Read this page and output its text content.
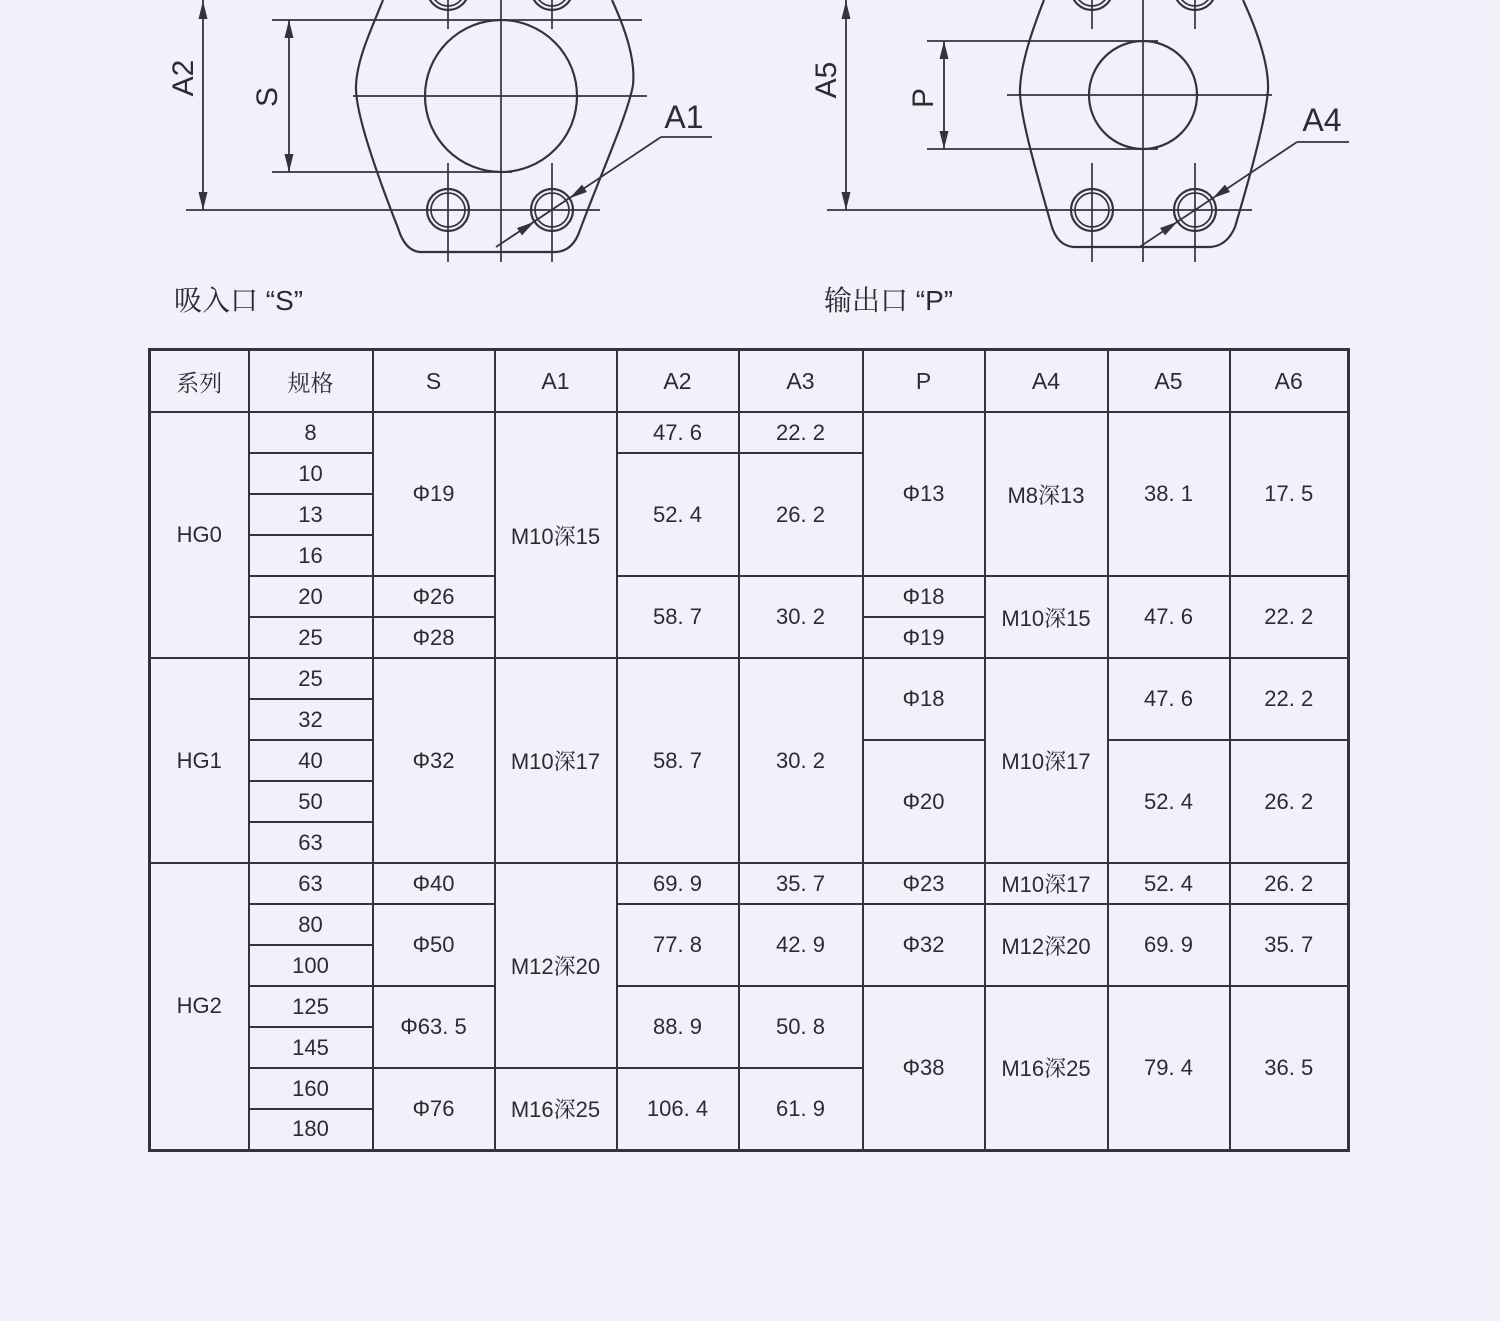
S
A2
A1
P
A5
A4
吸入口 “S”	输出口 “P”
系列	规格	S	A1	A2	A3	P	A4	A5	A6
HG0	8	Φ19	M10深15	47. 6	22. 2	Φ13	M8深13	38. 1	17. 5
	10			52. 4	26. 2				
	13								
	16								
	20	Φ26		58. 7	30. 2	Φ18	M10深15	47. 6	22. 2
	25	Φ28				Φ19			
HG1	25	Φ32	M10深17	58. 7	30. 2	Φ18	M10深17	47. 6	22. 2
	32								
	40					Φ20		52. 4	26. 2
	50								
	63								
HG2	63	Φ40	M12深20	69. 9	35. 7	Φ23	M10深17	52. 4	26. 2
	80	Φ50		77. 8	42. 9	Φ32	M12深20	69. 9	35. 7
	100								
	125	Φ63. 5		88. 9	50. 8	Φ38	M16深25	79. 4	36. 5
	145								
	160	Φ76	M16深25	106. 4	61. 9				
	180								
